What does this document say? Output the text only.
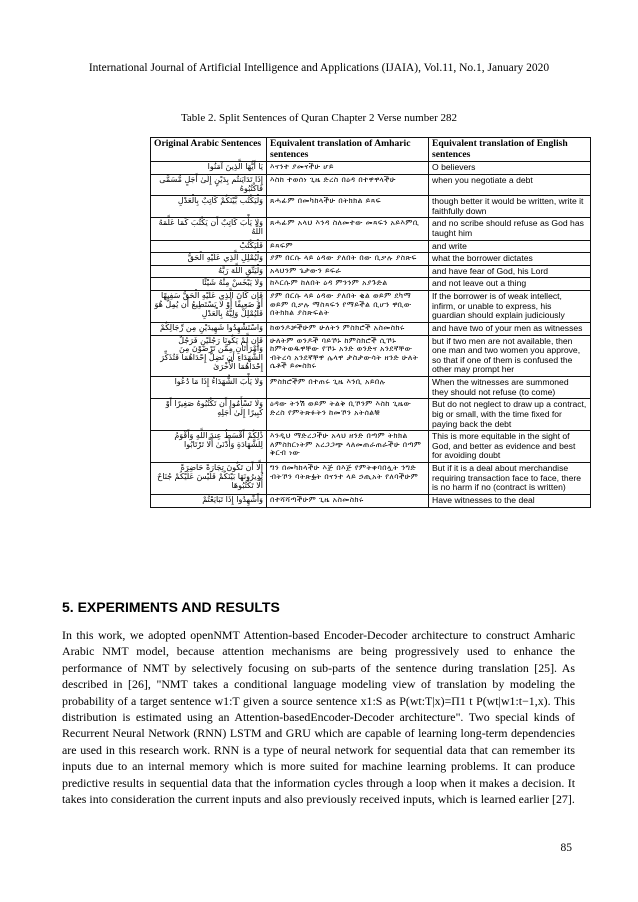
International Journal of Artificial Intelligence and Applications (IJAIA), Vol.11, No.1, January 2020
Table 2. Split Sentences of Quran Chapter 2 Verse number 282
Original Arabic Sentences	Equivalent translation of Amharic sentences	Equivalent translation of English sentences
يَا أَيُّهَا الَّذِينَ آمَنُوا	እናንተ ያመናችሁ ሆይ	O believers
إِذَا تَدَايَنتُم بِدَيْنٍ إِلَىٰ أَجَلٍ مُّسَمًّى فَاكْتُبُوهُ	እስከ ተወሰነ ጊዜ ድረስ በዕዳ በተዋዋላችሁ	when you negotiate a debt
وَلْيَكْتُب بَّيْنَكُمْ كَاتِبٌ بِالْعَدْلِ	ጸሓፊም በመካከላችሁ በትክክል ይጻፍ	though better it would be written, write it faithfully down
وَلَا يَأْبَ كَاتِبٌ أَن يَكْتُبَ كَمَا عَلَّمَهُ اللَّهُ	ጸሓፊም አላህ እንዳ ስለመተው መጻፍን አይእምቢ	and no scribe should refuse as God has taught him
فَلْيَكْتُبْ	ይጻፍም	and write
وَلْيُمْلِلِ الَّذِي عَلَيْهِ الْحَقُّ	ያም በርሱ ላይ ዕዳው ያለበት በው ቢቃሉ ያስጽፍ	what the borrower dictates
وَلْيَتَّقِ اللَّهَ رَبَّهُ	አላህንም ጌታውን ይፍራ	and have fear of God, his Lord
وَلَا يَبْخَسْ مِنْهُ شَيْئًا	ከእርሱም ከለበት ዕዳ ምንንም አያጉድል	and not leave out a thing
فَإِن كَانَ الَّذِي عَلَيْهِ الْحَقُّ سَفِيهًا أَوْ ضَعِيفًا أَوْ لَا يَسْتَطِيعُ أَن يُمِلَّ هُوَ فَلْيُمْلِلْ وَلِيُّهُ بِالْعَدْلِ	ያም በርሱ ላይ ዕዳው ያለበት ቂል ወይም ደካማ ወይም ቢቃሉ ማስጻፍን የማይችል ቢሆን ዋቢው በትክክል ያስጽፍልት	If the borrower is of weak intellect, infirm, or unable to express, his guardian should explain judiciously
وَاسْتَشْهِدُوا شَهِيدَيْنِ مِن رِّجَالِكُمْ	ከወንዶቻችሁም ሁለትን ምስክሮች አስመስክሩ	and have two of your men as witnesses
فَإِن لَّمْ يَكُونَا رَجُلَيْنِ فَرَجُلٌ وَامْرَأَتَانِ مِمَّن تَرْضَوْنَ مِنَ الشُّهَدَاءِ أَن تَضِلَّ إِحْدَاهُمَا فَتُذَكِّرَ إِحْدَاهُمَا الْأُخْرَىٰ	ሁለትም ወንዶች ባይኾኑ ከምስክሮች ሲኾኑ ከምትወዱዋቸው የኾኑ አንድ ወንድና አንደኛቸው ብትረሳ አንደኛቸዋ ሌላዋ ታስታውሳት ዘንድ ሁለት ሴቶች ይመስክሩ	but if two men are not available, then one man and two women you approve, so that if one of them is confused the other may prompt her
وَلَا يَأْبَ الشُّهَدَاءُ إِذَا مَا دُعُوا	ምስክሮችም በተጠሩ ጊዜ እንቢ አይበሉ	When the witnesses are summoned they should not refuse (to come)
وَلَا تَسْأَمُوا أَن تَكْتُبُوهُ صَغِيرًا أَوْ كَبِيرًا إِلَىٰ أَجَلِهِ	ዕዳው ትንሽ ወይም ትልቅ ቢኾንም እስከ ጊዜው ድረስ የምትጽፉትን ከመኾን አትሰልቹ	But do not neglect to draw up a contract, big or small, with the time fixed for paying back the debt
ذَٰلِكُمْ أَقْسَطُ عِندَ اللَّهِ وَأَقْوَمُ لِلشَّهَادَةِ وَأَدْنَىٰ أَلَّا تَرْتَابُوا	እንዲህ ማድረጋችሁ አላህ ዘንድ በጣም ትክክል ለምስክርነትም አረጋጋጭ ላለመጠራጠራችሁ በጣም ቅርብ ነው	This is more equitable in the sight of God, and better as evidence and best for avoiding doubt
إِلَّا أَن تَكُونَ تِجَارَةً حَاضِرَةً تُدِيرُونَهَا بَيْنَكُمْ فَلَيْسَ عَلَيْكُمْ جُنَاحٌ أَلَّا تَكْتُبُوهَا	ግን በመካከላችሁ እጅ በእጅ የምትቀባበሏት ንግድ ብትኾን ባትጽፏት በናንተ ላይ ኃጢአት የለባችሁም	But if it is a deal about merchandise requiring transaction face to face, there is no harm if no (contract is written)
وَأَشْهِدُوا إِذَا تَبَايَعْتُمْ	በተሻሻጣችሁም ጊዜ አስመስክሩ	Have witnesses to the deal
5. EXPERIMENTS AND RESULTS
In this work, we adopted openNMT Attention-based Encoder-Decoder architecture to construct Amharic Arabic NMT model, because attention mechanisms are being progressively used to enhance the performance of NMT by selectively focusing on sub-parts of the sentence during translation [25]. As described in [26], "NMT takes a conditional language modeling view of translation by modeling the probability of a target sentence w1:T given a source sentence x1:S as P(wt:T|x)=Π1 t P(wt|w1:t−1,x). This distribution is estimated using an Attention-basedEncoder-Decoder architecture". Two special kinds of Recurrent Neural Network (RNN) LSTM and GRU which are capable of learning long-term dependencies are used in this research work. RNN is a type of neural network for sequential data that can remember its inputs due to an internal memory which is more suited for machine learning problems. It can produce predictive results in sequential data that the information cycles through a loop when it makes a decision. It takes into consideration the current inputs and also previously received inputs, which is learned earlier [27].
85
